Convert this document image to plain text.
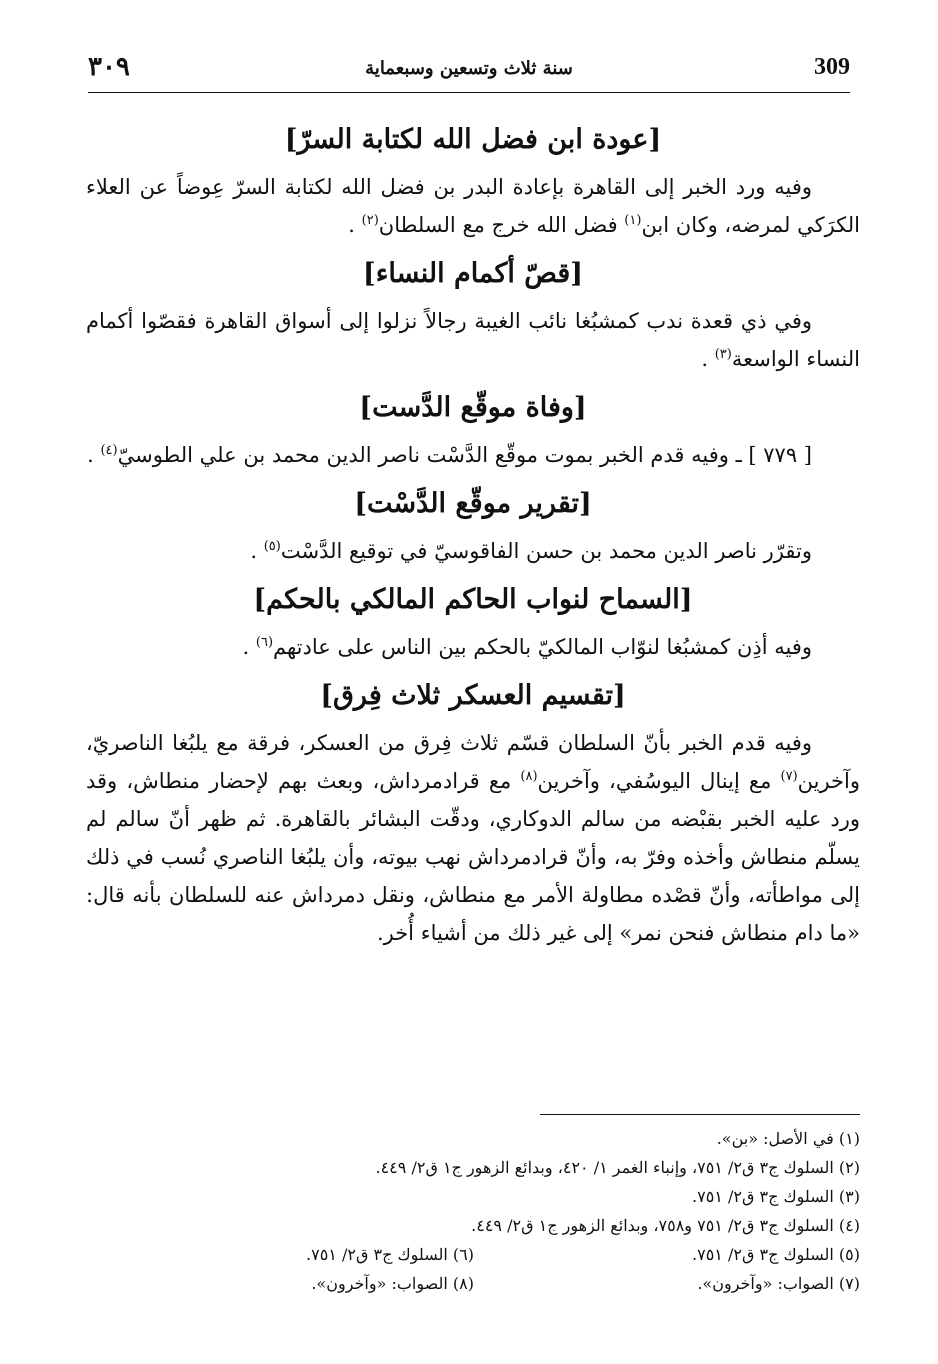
٣٠٩	سنة ثلاث وتسعين وسبعماية	309
[عودة ابن فضل الله لكتابة السرّ]

وفيه ورد الخبر إلى القاهرة بإعادة البدر بن فضل الله لكتابة السرّ عِوضاً عن العلاء الكرَكي لمرضه، وكان ابن$^{(١)}$ فضل الله خرج مع السلطان$^{(٢)}$ .

[قصّ أكمام النساء]

وفي ذي قعدة ندب كمشبُغا نائب الغيبة رجالاً نزلوا إلى أسواق القاهرة فقصّوا أكمام النساء الواسعة$^{(٣)}$ .

[وفاة موقّع الدَّست]

[ ٧٧٩ ] ـ وفيه قدم الخبر بموت موقّع الدَّسْت ناصر الدين محمد بن علي الطوسيّ$^{(٤)}$ .

[تقرير موقّع الدَّسْت]

وتقرّر ناصر الدين محمد بن حسن الفاقوسيّ في توقيع الدَّسْت$^{(٥)}$ .

[السماح لنواب الحاكم المالكي بالحكم]

وفيه أذِن كمشبُغا لنوّاب المالكيّ بالحكم بين الناس على عادتهم$^{(٦)}$ .

[تقسيم العسكر ثلاث فِرق]

وفيه قدم الخبر بأنّ السلطان قسّم ثلاث فِرق من العسكر، فرقة مع يلبُغا الناصريّ، وآخرين$^{(٧)}$ مع إينال اليوسُفي، وآخرين$^{(٨)}$ مع قرادمرداش، وبعث بهم لإحضار منطاش، وقد ورد عليه الخبر بقبْضه من سالم الدوكاري، ودقّت البشائر بالقاهرة. ثم ظهر أنّ سالم لم يسلّم منطاش وأخذه وفرّ به، وأنّ قرادمرداش نهب بيوته، وأن يلبُغا الناصري نُسب في ذلك إلى مواطأته، وأنّ قصْده مطاولة الأمر مع منطاش، ونقل دمرداش عنه للسلطان بأنه قال: «ما دام منطاش فنحن نمر» إلى غير ذلك من أشياء أُخر.

(١) في الأصل: «بن».
(٢) السلوك ج٣ ق٢/ ٧٥١، وإنباء الغمر ١/ ٤٢٠، وبدائع الزهور ج١ ق٢/ ٤٤٩.
(٣) السلوك ج٣ ق٢/ ٧٥١.
(٤) السلوك ج٣ ق٢/ ٧٥١ و٧٥٨، وبدائع الزهور ج١ ق٢/ ٤٤٩.
(٥) السلوك ج٣ ق٢/ ٧٥١.
(٦) السلوك ج٣ ق٢/ ٧٥١.
(٧) الصواب: «وآخرون».
(٨) الصواب: «وآخرون».
